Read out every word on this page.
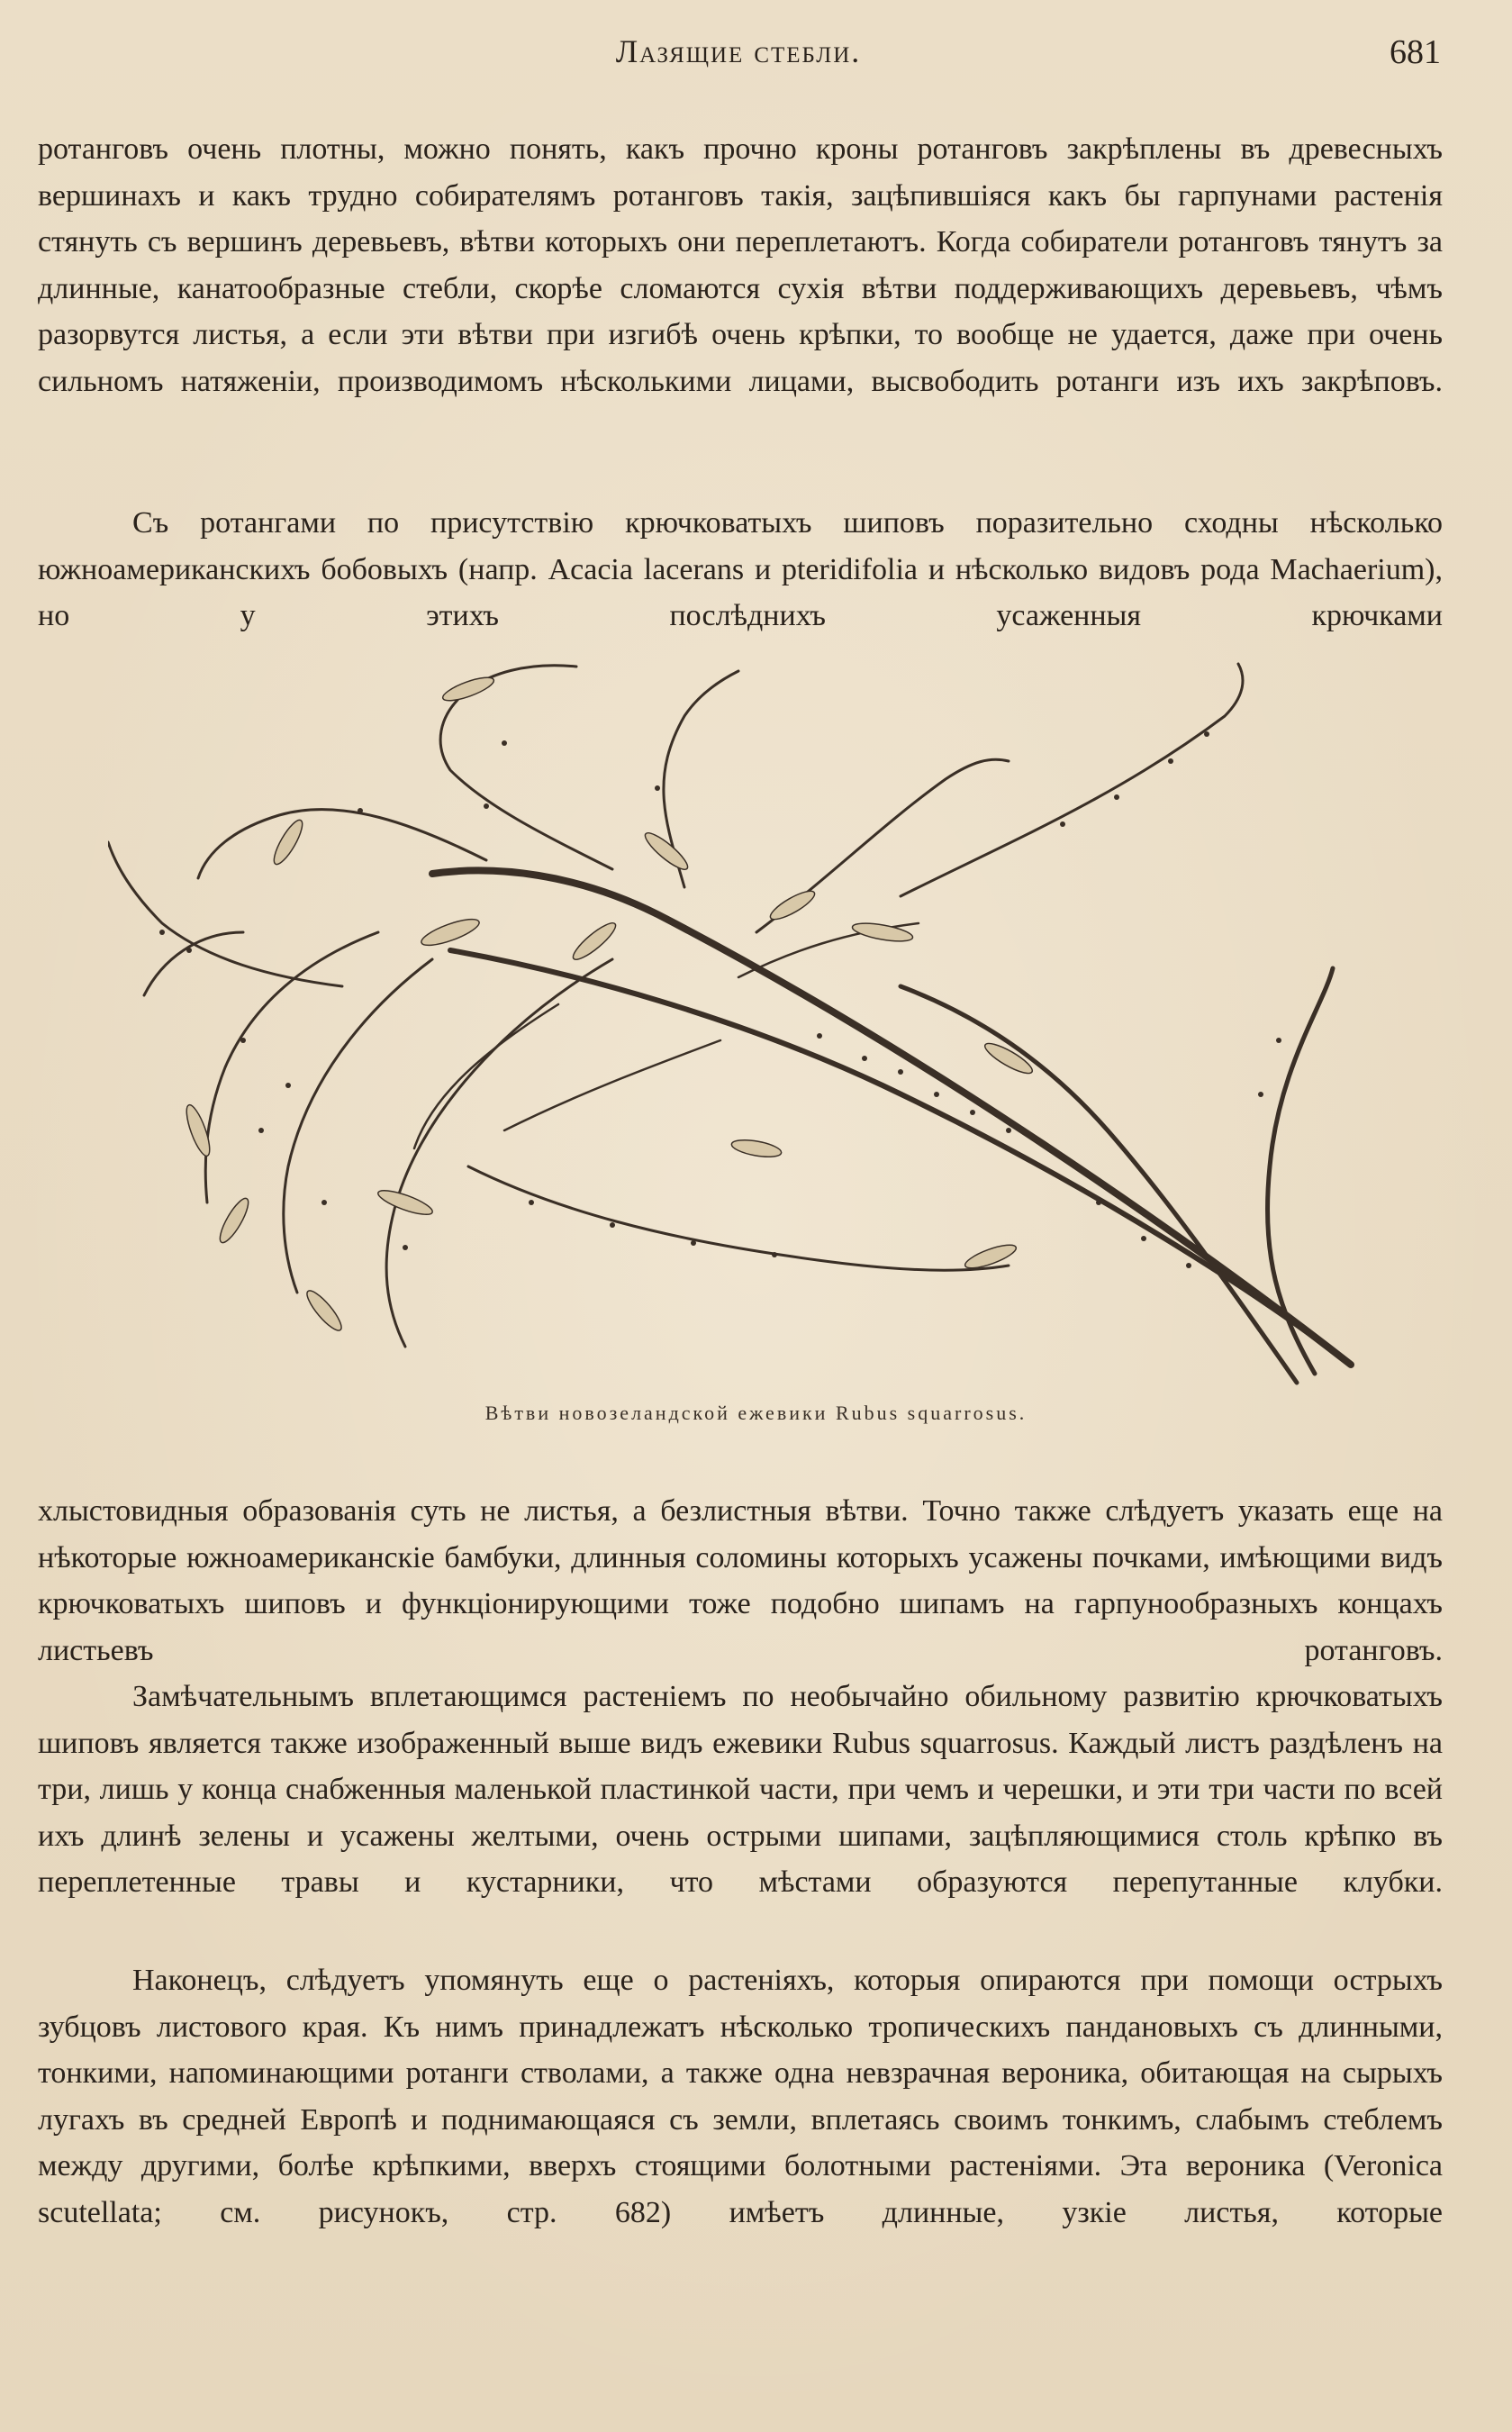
Лазящие стебли.	681

ротанговъ очень плотны, можно понять, какъ прочно кроны ротанговъ закрѣплены въ древесныхъ вершинахъ и какъ трудно собирателямъ ротанговъ такія, зацѣпившіяся какъ бы гарпунами растенія стянуть съ вершинъ деревьевъ, вѣтви которыхъ они переплетаютъ. Когда собиратели ротанговъ тянутъ за длинные, канатообразные стебли, скорѣе сломаются сухія вѣтви поддерживающихъ деревьевъ, чѣмъ разорвутся листья, а если эти вѣтви при изгибѣ очень крѣпки, то вообще не удается, даже при очень сильномъ натяженіи, производимомъ нѣсколькими лицами, высвободить ротанги изъ ихъ закрѣповъ.

Съ ротангами по присутствію крючковатыхъ шиповъ поразительно сходны нѣсколько южноамериканскихъ бобовыхъ (напр. Acacia lacerans и pteridifolia и нѣсколько видовъ рода Machaerium), но у этихъ послѣднихъ усаженныя крючками

Вѣтви новозеландской ежевики Rubus squarrosus.

хлыстовидныя образованія суть не листья, а безлистныя вѣтви. Точно также слѣдуетъ указать еще на нѣкоторые южноамериканскіе бамбуки, длинныя соломины которыхъ усажены почками, имѣющими видъ крючковатыхъ шиповъ и функціонирующими тоже подобно шипамъ на гарпунообразныхъ концахъ листьевъ ротанговъ.

Замѣчательнымъ вплетающимся растеніемъ по необычайно обильному развитію крючковатыхъ шиповъ является также изображенный выше видъ ежевики Rubus squarrosus. Каждый листъ раздѣленъ на три, лишь у конца снабженныя маленькой пластинкой части, при чемъ и черешки, и эти три части по всей ихъ длинѣ зелены и усажены желтыми, очень острыми шипами, зацѣпляющимися столь крѣпко въ переплетенные травы и кустарники, что мѣстами образуются перепутанные клубки.

Наконецъ, слѣдуетъ упомянуть еще о растеніяхъ, которыя опираются при помощи острыхъ зубцовъ листового края. Къ нимъ принадлежатъ нѣсколько тропическихъ пандановыхъ съ длинными, тонкими, напоминающими ротанги стволами, а также одна невзрачная вероника, обитающая на сырыхъ лугахъ въ средней Европѣ и поднимающаяся съ земли, вплетаясь своимъ тонкимъ, слабымъ стеблемъ между другими, болѣе крѣпкими, вверхъ стоящими болотными растеніями. Эта вероника (Veronica scutellata; см. рисунокъ, стр. 682) имѣетъ длинные, узкіе листья, которые
